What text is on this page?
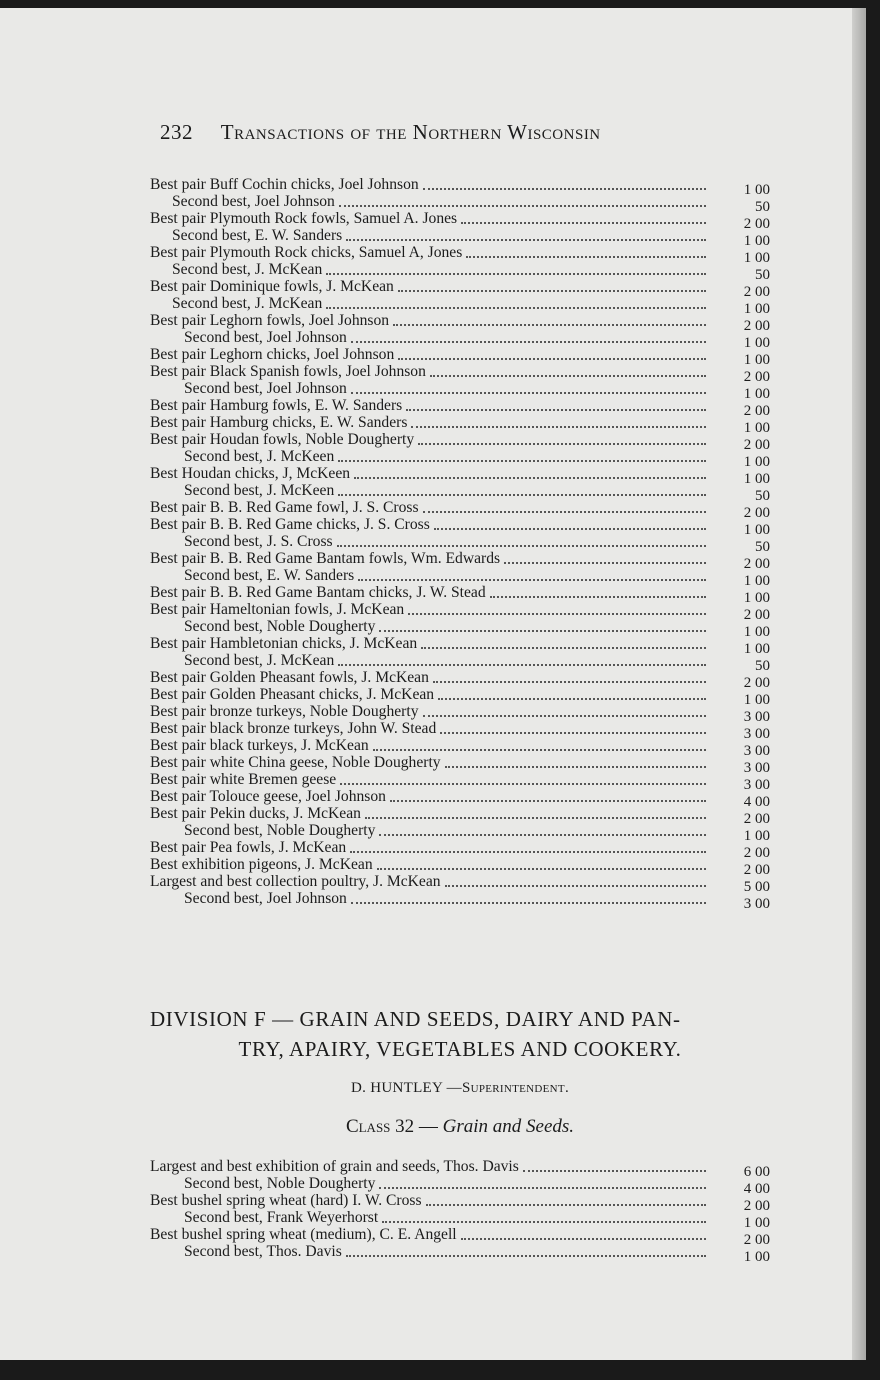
232 Transactions of the Northern Wisconsin
Best pair Buff Cochin chicks, Joel Johnson	1 00
Second best, Joel Johnson	50
Best pair Plymouth Rock fowls, Samuel A. Jones	2 00
Second best, E. W. Sanders	1 00
Best pair Plymouth Rock chicks, Samuel A, Jones	1 00
Second best, J. McKean	50
Best pair Dominique fowls, J. McKean	2 00
Second best, J. McKean	1 00
Best pair Leghorn fowls, Joel Johnson	2 00
Second best, Joel Johnson	1 00
Best pair Leghorn chicks, Joel Johnson	1 00
Best pair Black Spanish fowls, Joel Johnson	2 00
Second best, Joel Johnson	1 00
Best pair Hamburg fowls, E. W. Sanders	2 00
Best pair Hamburg chicks, E. W. Sanders	1 00
Best pair Houdan fowls, Noble Dougherty	2 00
Second best, J. McKeen	1 00
Best Houdan chicks, J, McKeen	1 00
Second best, J. McKeen	50
Best pair B. B. Red Game fowl, J. S. Cross	2 00
Best pair B. B. Red Game chicks, J. S. Cross	1 00
Second best, J. S. Cross	50
Best pair B. B. Red Game Bantam fowls, Wm. Edwards	2 00
Second best, E. W. Sanders	1 00
Best pair B. B. Red Game Bantam chicks, J. W. Stead	1 00
Best pair Hameltonian fowls, J. McKean	2 00
Second best, Noble Dougherty	1 00
Best pair Hambletonian chicks, J. McKean	1 00
Second best, J. McKean	50
Best pair Golden Pheasant fowls, J. McKean	2 00
Best pair Golden Pheasant chicks, J. McKean	1 00
Best pair bronze turkeys, Noble Dougherty	3 00
Best pair black bronze turkeys, John W. Stead	3 00
Best pair black turkeys, J. McKean	3 00
Best pair white China geese, Noble Dougherty	3 00
Best pair white Bremen geese	3 00
Best pair Tolouce geese, Joel Johnson	4 00
Best pair Pekin ducks, J. McKean	2 00
Second best, Noble Dougherty	1 00
Best pair Pea fowls, J. McKean	2 00
Best exhibition pigeons, J. McKean	2 00
Largest and best collection poultry, J. McKean	5 00
Second best, Joel Johnson	3 00
DIVISION F — GRAIN AND SEEDS, DAIRY AND PAN-
TRY, APAIRY, VEGETABLES AND COOKERY.
D. HUNTLEY —Superintendent.
Class 32 — Grain and Seeds.
Largest and best exhibition of grain and seeds, Thos. Davis	6 00
Second best, Noble Dougherty	4 00
Best bushel spring wheat (hard) I. W. Cross	2 00
Second best, Frank Weyerhorst	1 00
Best bushel spring wheat (medium), C. E. Angell	2 00
Second best, Thos. Davis	1 00
